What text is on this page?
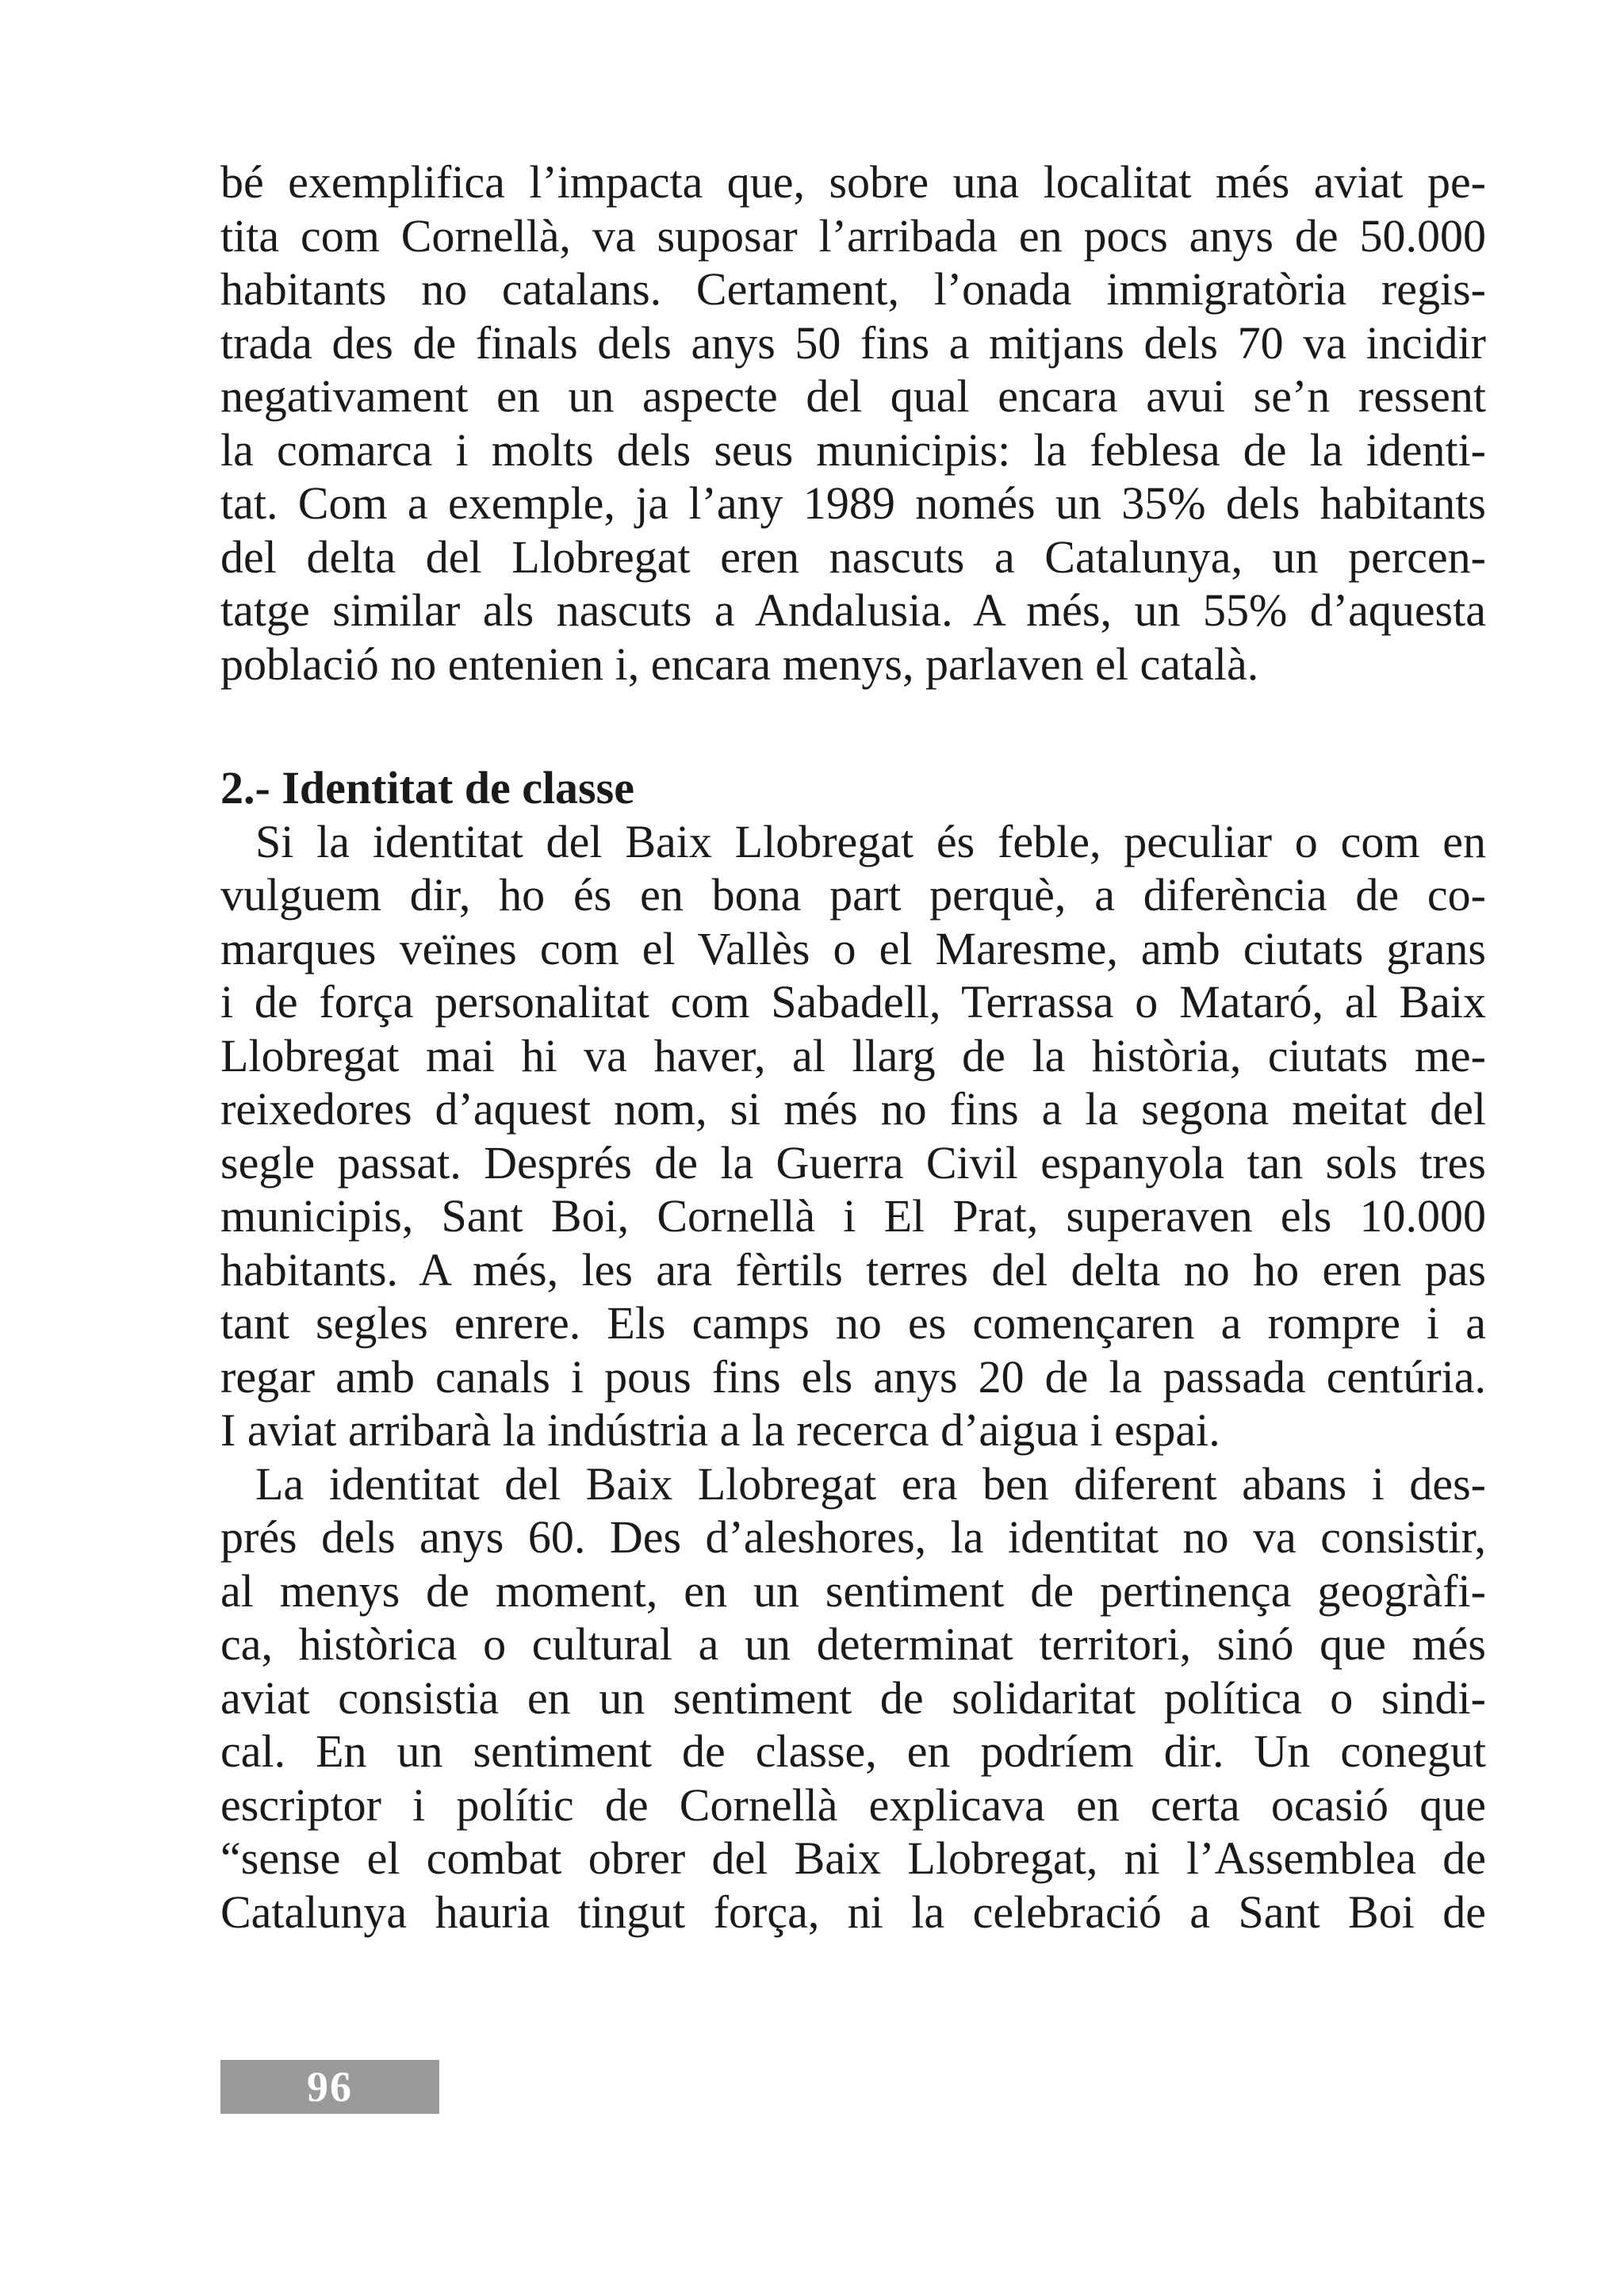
bé exemplifica l’impacta que, sobre una localitat més aviat pe-
tita com Cornellà, va suposar l’arribada en pocs anys de 50.000
habitants no catalans. Certament, l’onada immigratòria regis-
trada des de finals dels anys 50 fins a mitjans dels 70 va incidir
negativament en un aspecte del qual encara avui se’n ressent
la comarca i molts dels seus municipis: la feblesa de la identi-
tat. Com a exemple, ja l’any 1989 només un 35% dels habitants
del delta del Llobregat eren nascuts a Catalunya, un percen-
tatge similar als nascuts a Andalusia. A més, un 55% d’aquesta
població no entenien i, encara menys, parlaven el català.
2.- Identitat de classe
Si la identitat del Baix Llobregat és feble, peculiar o com en
vulguem dir, ho és en bona part perquè, a diferència de co-
marques veïnes com el Vallès o el Maresme, amb ciutats grans
i de força personalitat com Sabadell, Terrassa o Mataró, al Baix
Llobregat mai hi va haver, al llarg de la història, ciutats me-
reixedores d’aquest nom, si més no fins a la segona meitat del
segle passat. Després de la Guerra Civil espanyola tan sols tres
municipis, Sant Boi, Cornellà i El Prat, superaven els 10.000
habitants. A més, les ara fèrtils terres del delta no ho eren pas
tant segles enrere. Els camps no es començaren a rompre i a
regar amb canals i pous fins els anys 20 de la passada centúria.
I aviat arribarà la indústria a la recerca d’aigua i espai.
La identitat del Baix Llobregat era ben diferent abans i des-
prés dels anys 60. Des d’aleshores, la identitat no va consistir,
al menys de moment, en un sentiment de pertinença geogràfi-
ca, històrica o cultural a un determinat territori, sinó que més
aviat consistia en un sentiment de solidaritat política o sindi-
cal. En un sentiment de classe, en podríem dir. Un conegut
escriptor i polític de Cornellà explicava en certa ocasió que
“sense el combat obrer del Baix Llobregat, ni l’Assemblea de
Catalunya hauria tingut força, ni la celebració a Sant Boi de
96
